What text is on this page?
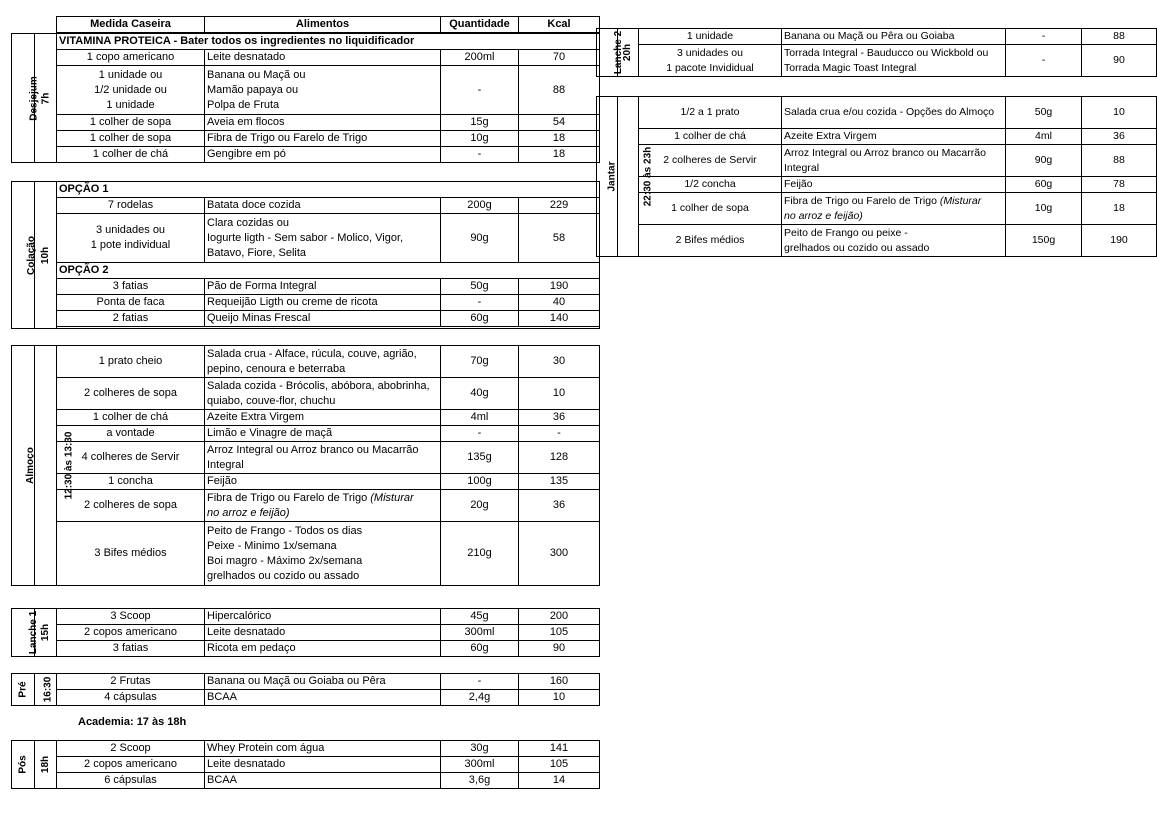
Medida Caseira	Alimentos	Quantidade	Kcal
Desjejum	7h	VITAMINA PROTEICA - Bater todos os ingredientes no liquidificador			
		1 copo americano	Leite desnatado	200ml	70
		1 unidade ou
1/2 unidade ou
1 unidade	Banana ou Maçã ou
Mamão papaya ou
Polpa de Fruta	-	88
		1 colher de sopa	Aveia em flocos	15g	54
		1 colher de sopa	Fibra de Trigo ou Farelo de Trigo	10g	18
		1 colher de chá	Gengibre em pó	-	18
Colação	10h	OPÇÃO 1			
		7 rodelas	Batata doce cozida	200g	229
		3 unidades ou
1 pote individual	Clara cozidas ou
Iogurte ligth - Sem sabor - Molico, Vigor,
Batavo, Fiore, Selita	90g	58
		OPÇÃO 2			
		3 fatias	Pão de Forma Integral	50g	190
		Ponta de faca	Requeijão Ligth ou creme de ricota	-	40
		2 fatias	Queijo Minas Frescal	60g	140

Almoço	12:30 às 13:30	1 prato cheio	Salada crua - Alface, rúcula, couve, agrião,
pepino, cenoura e beterraba	70g	30
		2 colheres de sopa	Salada cozida - Brócolis, abóbora, abobrinha,
quiabo, couve-flor, chuchu	40g	10
		1 colher de chá	Azeite Extra Virgem	4ml	36
		a vontade	Limão e Vinagre de maçã	-	-
		4 colheres de Servir	Arroz Integral ou Arroz branco ou Macarrão
Integral	135g	128
		1 concha	Feijão	100g	135
		2 colheres de sopa	Fibra de Trigo ou Farelo de Trigo (Misturar
no arroz e feijão)	20g	36
		3 Bifes médios	Peito de Frango - Todos os dias
Peixe - Minimo 1x/semana
Boi magro - Máximo 2x/semana
grelhados ou cozido ou assado	210g	300
Lanche 1	15h	3 Scoop	Hipercalórico	45g	200
		2 copos americano	Leite desnatado	300ml	105
		3 fatias	Ricota em pedaço	60g	90
Pré	16:30	2 Frutas	Banana ou Maçã ou Goiaba ou Pêra	-	160
		4 cápsulas	BCAA	2,4g	10
Academia: 17 às 18h
Pós	18h	2 Scoop	Whey Protein com água	30g	141
		2 copos americano	Leite desnatado	300ml	105
		6 cápsulas	BCAA	3,6g	14
Lanche 2	20h	1 unidade	Banana ou Maçã ou Pêra ou Goiaba	-	88
		3 unidades ou
1 pacote Invididual	Torrada Integral - Bauducco ou Wickbold ou
Torrada Magic Toast Integral	-	90
Jantar	22:30 às 23h	1/2 a 1 prato	Salada crua e/ou cozida - Opções do Almoço	50g	10
		1 colher de chá	Azeite Extra Virgem	4ml	36
		2 colheres de Servir	Arroz Integral ou Arroz branco ou Macarrão
Integral	90g	88
		1/2 concha	Feijão	60g	78
		1 colher de sopa	Fibra de Trigo ou Farelo de Trigo (Misturar
no arroz e feijão)	10g	18
		2 Bifes médios	Peito de Frango ou peixe -
grelhados ou cozido ou assado	150g	190
